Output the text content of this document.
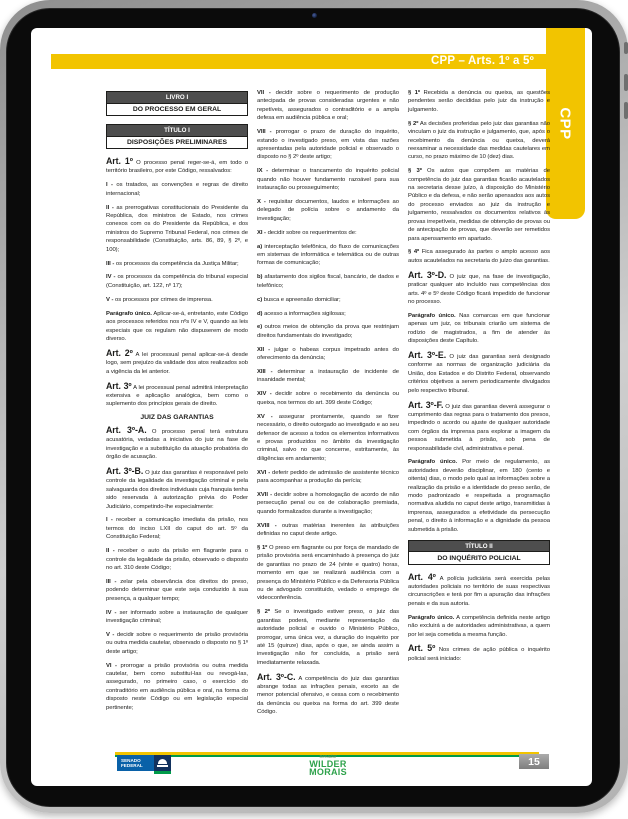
CPP – Arts. 1º a 5º
CPP
LIVRO I
DO PROCESSO EM GERAL
TÍTULO I
DISPOSIÇÕES PRELIMINARES

Art. 1º O processo penal reger-se-á, em todo o território brasileiro, por este Código, ressalvados:

I - os tratados, as convenções e regras de direito internacional;

II - as prerrogativas constitucionais do Presidente da República, dos ministros de Estado, nos crimes conexos com os do Presidente da República, e dos ministros do Supremo Tribunal Federal, nos crimes de responsabilidade (Constituição, arts. 86, 89, § 2º, e 100);

III - os processos da competência da Justiça Militar;

IV - os processos da competência do tribunal especial (Constituição, art. 122, nº 17);

V - os processos por crimes de imprensa.

Parágrafo único. Aplicar-se-á, entretanto, este Código aos processos referidos nos nºs IV e V, quando as leis especiais que os regulam não dispuserem de modo diverso.

Art. 2º A lei processual penal aplicar-se-á desde logo, sem prejuízo da validade dos atos realizados sob a vigência da lei anterior.

Art. 3º A lei processual penal admitirá interpretação extensiva e aplicação analógica, bem como o suplemento dos princípios gerais de direito.

JUIZ DAS GARANTIAS

Art. 3º-A. O processo penal terá estrutura acusatória, vedadas a iniciativa do juiz na fase de investigação e a substituição da atuação probatória do órgão de acusação.

Art. 3º-B. O juiz das garantias é responsável pelo controle da legalidade da investigação criminal e pela salvaguarda dos direitos individuais cuja franquia tenha sido reservada à autorização prévia do Poder Judiciário, competindo-lhe especialmente:

I - receber a comunicação imediata da prisão, nos termos do inciso LXII do caput do art. 5º da Constituição Federal;

II - receber o auto da prisão em flagrante para o controle da legalidade da prisão, observado o disposto no art. 310 deste Código;

III - zelar pela observância dos direitos do preso, podendo determinar que este seja conduzido à sua presença, a qualquer tempo;

IV - ser informado sobre a instauração de qualquer investigação criminal;

V - decidir sobre o requerimento de prisão provisória ou outra medida cautelar, observado o disposto no § 1º deste artigo;

VI - prorrogar a prisão provisória ou outra medida cautelar, bem como substituí-las ou revogá-las, assegurado, no primeiro caso, o exercício do contraditório em audiência pública e oral, na forma do disposto neste Código ou em legislação especial pertinente;

VII - decidir sobre o requerimento de produção antecipada de provas consideradas urgentes e não repetíveis, assegurados o contraditório e a ampla defesa em audiência pública e oral;

VIII - prorrogar o prazo de duração do inquérito, estando o investigado preso, em vista das razões apresentadas pela autoridade policial e observado o disposto no § 2º deste artigo;

IX - determinar o trancamento do inquérito policial quando não houver fundamento razoável para sua instauração ou prosseguimento;

X - requisitar documentos, laudos e informações ao delegado de polícia sobre o andamento da investigação;

XI - decidir sobre os requerimentos de:

a) interceptação telefônica, do fluxo de comunicações em sistemas de informática e telemática ou de outras formas de comunicação;

b) afastamento dos sigilos fiscal, bancário, de dados e telefônico;

c) busca e apreensão domiciliar;

d) acesso a informações sigilosas;

e) outros meios de obtenção da prova que restrinjam direitos fundamentais do investigado;

XII - julgar o habeas corpus impetrado antes do oferecimento da denúncia;

XIII - determinar a instauração de incidente de insanidade mental;

XIV - decidir sobre o recebimento da denúncia ou queixa, nos termos do art. 399 deste Código;

XV - assegurar prontamente, quando se fizer necessário, o direito outorgado ao investigado e ao seu defensor de acesso a todos os elementos informativos e provas produzidos no âmbito da investigação criminal, salvo no que concerne, estritamente, às diligências em andamento;

XVI - deferir pedido de admissão de assistente técnico para acompanhar a produção da perícia;

XVII - decidir sobre a homologação de acordo de não persecução penal ou os de colaboração premiada, quando formalizados durante a investigação;

XVIII - outras matérias inerentes às atribuições definidas no caput deste artigo.

§ 1º O preso em flagrante ou por força de mandado de prisão provisória será encaminhado à presença do juiz de garantias no prazo de 24 (vinte e quatro) horas, momento em que se realizará audiência com a presença do Ministério Público e da Defensoria Pública ou de advogado constituído, vedado o emprego de videoconferência.

§ 2º Se o investigado estiver preso, o juiz das garantias poderá, mediante representação da autoridade policial e ouvido o Ministério Público, prorrogar, uma única vez, a duração do inquérito por até 15 (quinze) dias, após o que, se ainda assim a investigação não for concluída, a prisão será imediatamente relaxada.

Art. 3º-C. A competência do juiz das garantias abrange todas as infrações penais, exceto as de menor potencial ofensivo, e cessa com o recebimento da denúncia ou queixa na forma do art. 399 deste Código.

§ 1º Recebida a denúncia ou queixa, as questões pendentes serão decididas pelo juiz da instrução e julgamento.

§ 2º As decisões proferidas pelo juiz das garantias não vinculam o juiz da instrução e julgamento, que, após o recebimento da denúncia ou queixa, deverá reexaminar a necessidade das medidas cautelares em curso, no prazo máximo de 10 (dez) dias.

§ 3º Os autos que compõem as matérias de competência do juiz das garantias ficarão acautelados na secretaria desse juízo, à disposição do Ministério Público e da defesa, e não serão apensados aos autos do processo enviados ao juiz da instrução e julgamento, ressalvados os documentos relativos às provas irrepetíveis, medidas de obtenção de provas ou de antecipação de provas, que deverão ser remetidos para apensamento em apartado.

§ 4º Fica assegurado às partes o amplo acesso aos autos acautelados na secretaria do juízo das garantias.

Art. 3º-D. O juiz que, na fase de investigação, praticar qualquer ato incluído nas competências dos arts. 4º e 5º deste Código ficará impedido de funcionar no processo.

Parágrafo único. Nas comarcas em que funcionar apenas um juiz, os tribunais criarão um sistema de rodízio de magistrados, a fim de atender às disposições deste Capítulo.

Art. 3º-E. O juiz das garantias será designado conforme as normas de organização judiciária da União, dos Estados e do Distrito Federal, observando critérios objetivos a serem periodicamente divulgados pelo respectivo tribunal.

Art. 3º-F. O juiz das garantias deverá assegurar o cumprimento das regras para o tratamento dos presos, impedindo o acordo ou ajuste de qualquer autoridade com órgãos da imprensa para explorar a imagem da pessoa submetida à prisão, sob pena de responsabilidade civil, administrativa e penal.

Parágrafo único. Por meio de regulamento, as autoridades deverão disciplinar, em 180 (cento e oitenta) dias, o modo pelo qual as informações sobre a realização da prisão e a identidade do preso serão, de modo padronizado e respeitada a programação normativa aludida no caput deste artigo, transmitidas à imprensa, assegurados a efetividade da persecução penal, o direito à informação e a dignidade da pessoa submetida à prisão.

TÍTULO II
DO INQUÉRITO POLICIAL

Art. 4º A polícia judiciária será exercida pelas autoridades policiais no território de suas respectivas circunscrições e terá por fim a apuração das infrações penais e da sua autoria.

Parágrafo único. A competência definida neste artigo não excluirá a de autoridades administrativas, a quem por lei seja cometida a mesma função.

Art. 5º Nos crimes de ação pública o inquérito policial será iniciado:

SENADO
FEDERAL
Senador
WILDER
MORAIS
15
